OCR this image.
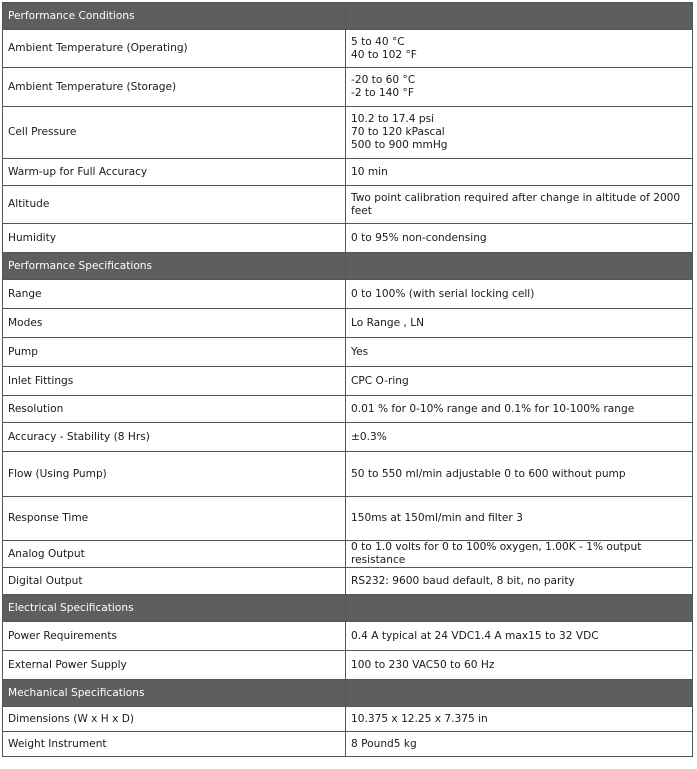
Performance Conditions	
Ambient Temperature (Operating)	5 to 40 °C
40 to 102 °F

Ambient Temperature (Storage)	-20 to 60 °C
-2 to 140 °F

Cell Pressure	10.2 to 17.4 psi
70 to 120 kPascal
500 to 900 mmHg

Warm-up for Full Accuracy	10 min

Altitude	Two point calibration required after change in altitude of 2000 feet

Humidity	0 to 95% non-condensing

Performance Specifications	
Range	0 to 100% (with serial locking cell)

Modes	Lo Range , LN

Pump	Yes

Inlet Fittings	CPC O-ring

Resolution	0.01 % for 0-10% range and 0.1% for 10-100% range

Accuracy - Stability (8 Hrs)	±0.3%

Flow (Using Pump)	50 to 550 ml/min adjustable 0 to 600 without pump

Response Time	150ms at 150ml/min and filter 3

Analog Output	0 to 1.0 volts for 0 to 100% oxygen, 1.00K - 1% output resistance

Digital Output	RS232: 9600 baud default, 8 bit, no parity

Electrical Specifications	
Power Requirements	0.4 A typical at 24 VDC1.4 A max15 to 32 VDC

External Power Supply	100 to 230 VAC50 to 60 Hz

Mechanical Specifications	
Dimensions (W x H x D)	10.375 x 12.25 x 7.375 in

Weight Instrument	8 Pound5 kg
